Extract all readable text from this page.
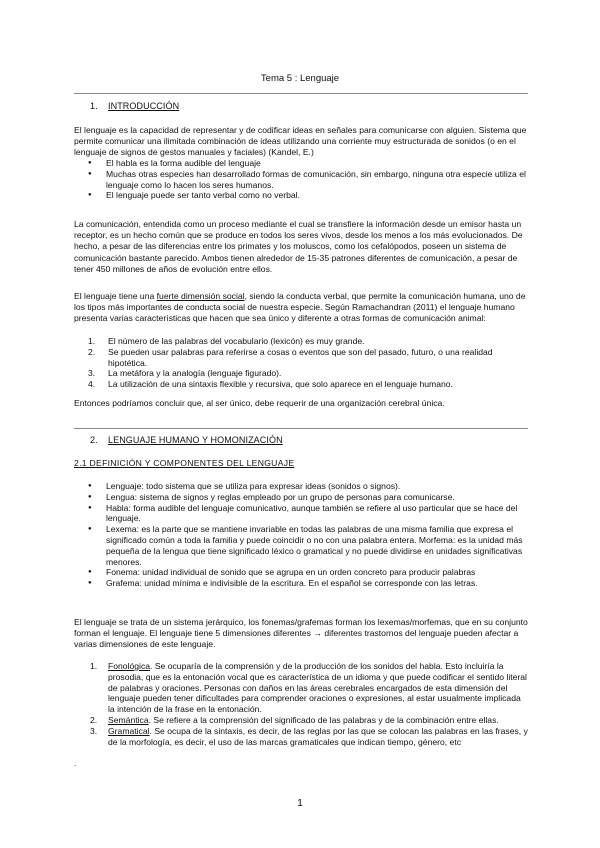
Tema 5 : Lenguaje
1. INTRODUCCIÓN

El lenguaje es la capacidad de representar y de codificar ideas en señales para comunicarse con alguien. Sistema que permite comunicar una ilimitada combinación de ideas utilizando una corriente muy estructurada de sonidos (o en el lenguaje de signos de gestos manuales y faciales) (Kandel, E.)

● El habla es la forma audible del lenguaje
● Muchas otras especies han desarrollado formas de comunicación, sin embargo, ninguna otra especie utiliza el lenguaje como lo hacen los seres humanos.
● El lenguaje puede ser tanto verbal como no verbal.

La comunicación, entendida como un proceso mediante el cual se transfiere la información desde un emisor hasta un receptor, es un hecho común que se produce en todos los seres vivos, desde los menos a los más evolucionados. De hecho, a pesar de las diferencias entre los primates y los moluscos, como los cefalópodos, poseen un sistema de comunicación bastante parecido. Ambos tienen alrededor de 15-35 patrones diferentes de comunicación, a pesar de tener 450 millones de años de evolución entre ellos.

El lenguaje tiene una fuerte dimensión social, siendo la conducta verbal, que permite la comunicación humana, uno de los tipos más importantes de conducta social de nuestra especie. Según Ramachandran (2011) el lenguaje humano presenta varias características que hacen que sea único y diferente a otras formas de comunicación animal:

1. El número de las palabras del vocabulario (lexicón) es muy grande.
2. Se pueden usar palabras para referirse a cosas o eventos que son del pasado, futuro, o una realidad hipotética.
3. La metáfora y la analogía (lenguaje figurado).
4. La utilización de una sintaxis flexible y recursiva, que solo aparece en el lenguaje humano.

Entonces podríamos concluir que, al ser único, debe requerir de una organización cerebral única.

2. LENGUAJE HUMANO Y HOMONIZACIÓN
2.1 DEFINICIÓN Y COMPONENTES DEL LENGUAJE
● Lenguaje: todo sistema que se utiliza para expresar ideas (sonidos o signos).
● Lengua: sistema de signos y reglas empleado por un grupo de personas para comunicarse.
● Habla: forma audible del lenguaje comunicativo, aunque también se refiere al uso particular que se hace del lenguaje.
● Lexema: es la parte que se mantiene invariable en todas las palabras de una misma familia que expresa el significado común a toda la familia y puede coincidir o no con una palabra entera. Morfema: es la unidad más pequeña de la lengua que tiene significado léxico o gramatical y no puede dividirse en unidades significativas menores.
● Fonema: unidad individual de sonido que se agrupa en un orden concreto para producir palabras
● Grafema: unidad mínima e indivisible de la escritura. En el español se corresponde con las letras.

El lenguaje se trata de un sistema jerárquico, los fonemas/grafemas forman los lexemas/morfemas, que en su conjunto forman el lenguaje. El lenguaje tiene 5 dimensiones diferentes → diferentes trastornos del lenguaje pueden afectar a varias dimensiones de este lenguaje.

1. Fonológica. Se ocuparía de la comprensión y de la producción de los sonidos del habla. Esto incluiría la prosodia, que es la entonación vocal que es característica de un idioma y que puede codificar el sentido literal de palabras y oraciones. Personas con daños en las áreas cerebrales encargados de esta dimensión del lenguaje pueden tener dificultades para comprender oraciones o expresiones, al estar usualmente implicada la intención de la frase en la entonación.
2. Semántica. Se refiere a la comprensión del significado de las palabras y de la combinación entre ellas.
3. Gramatical. Se ocupa de la sintaxis, es decir, de las reglas por las que se colocan las palabras en las frases, y de la morfología, es decir, el uso de las marcas gramaticales que indican tiempo, género, etc
.
1
